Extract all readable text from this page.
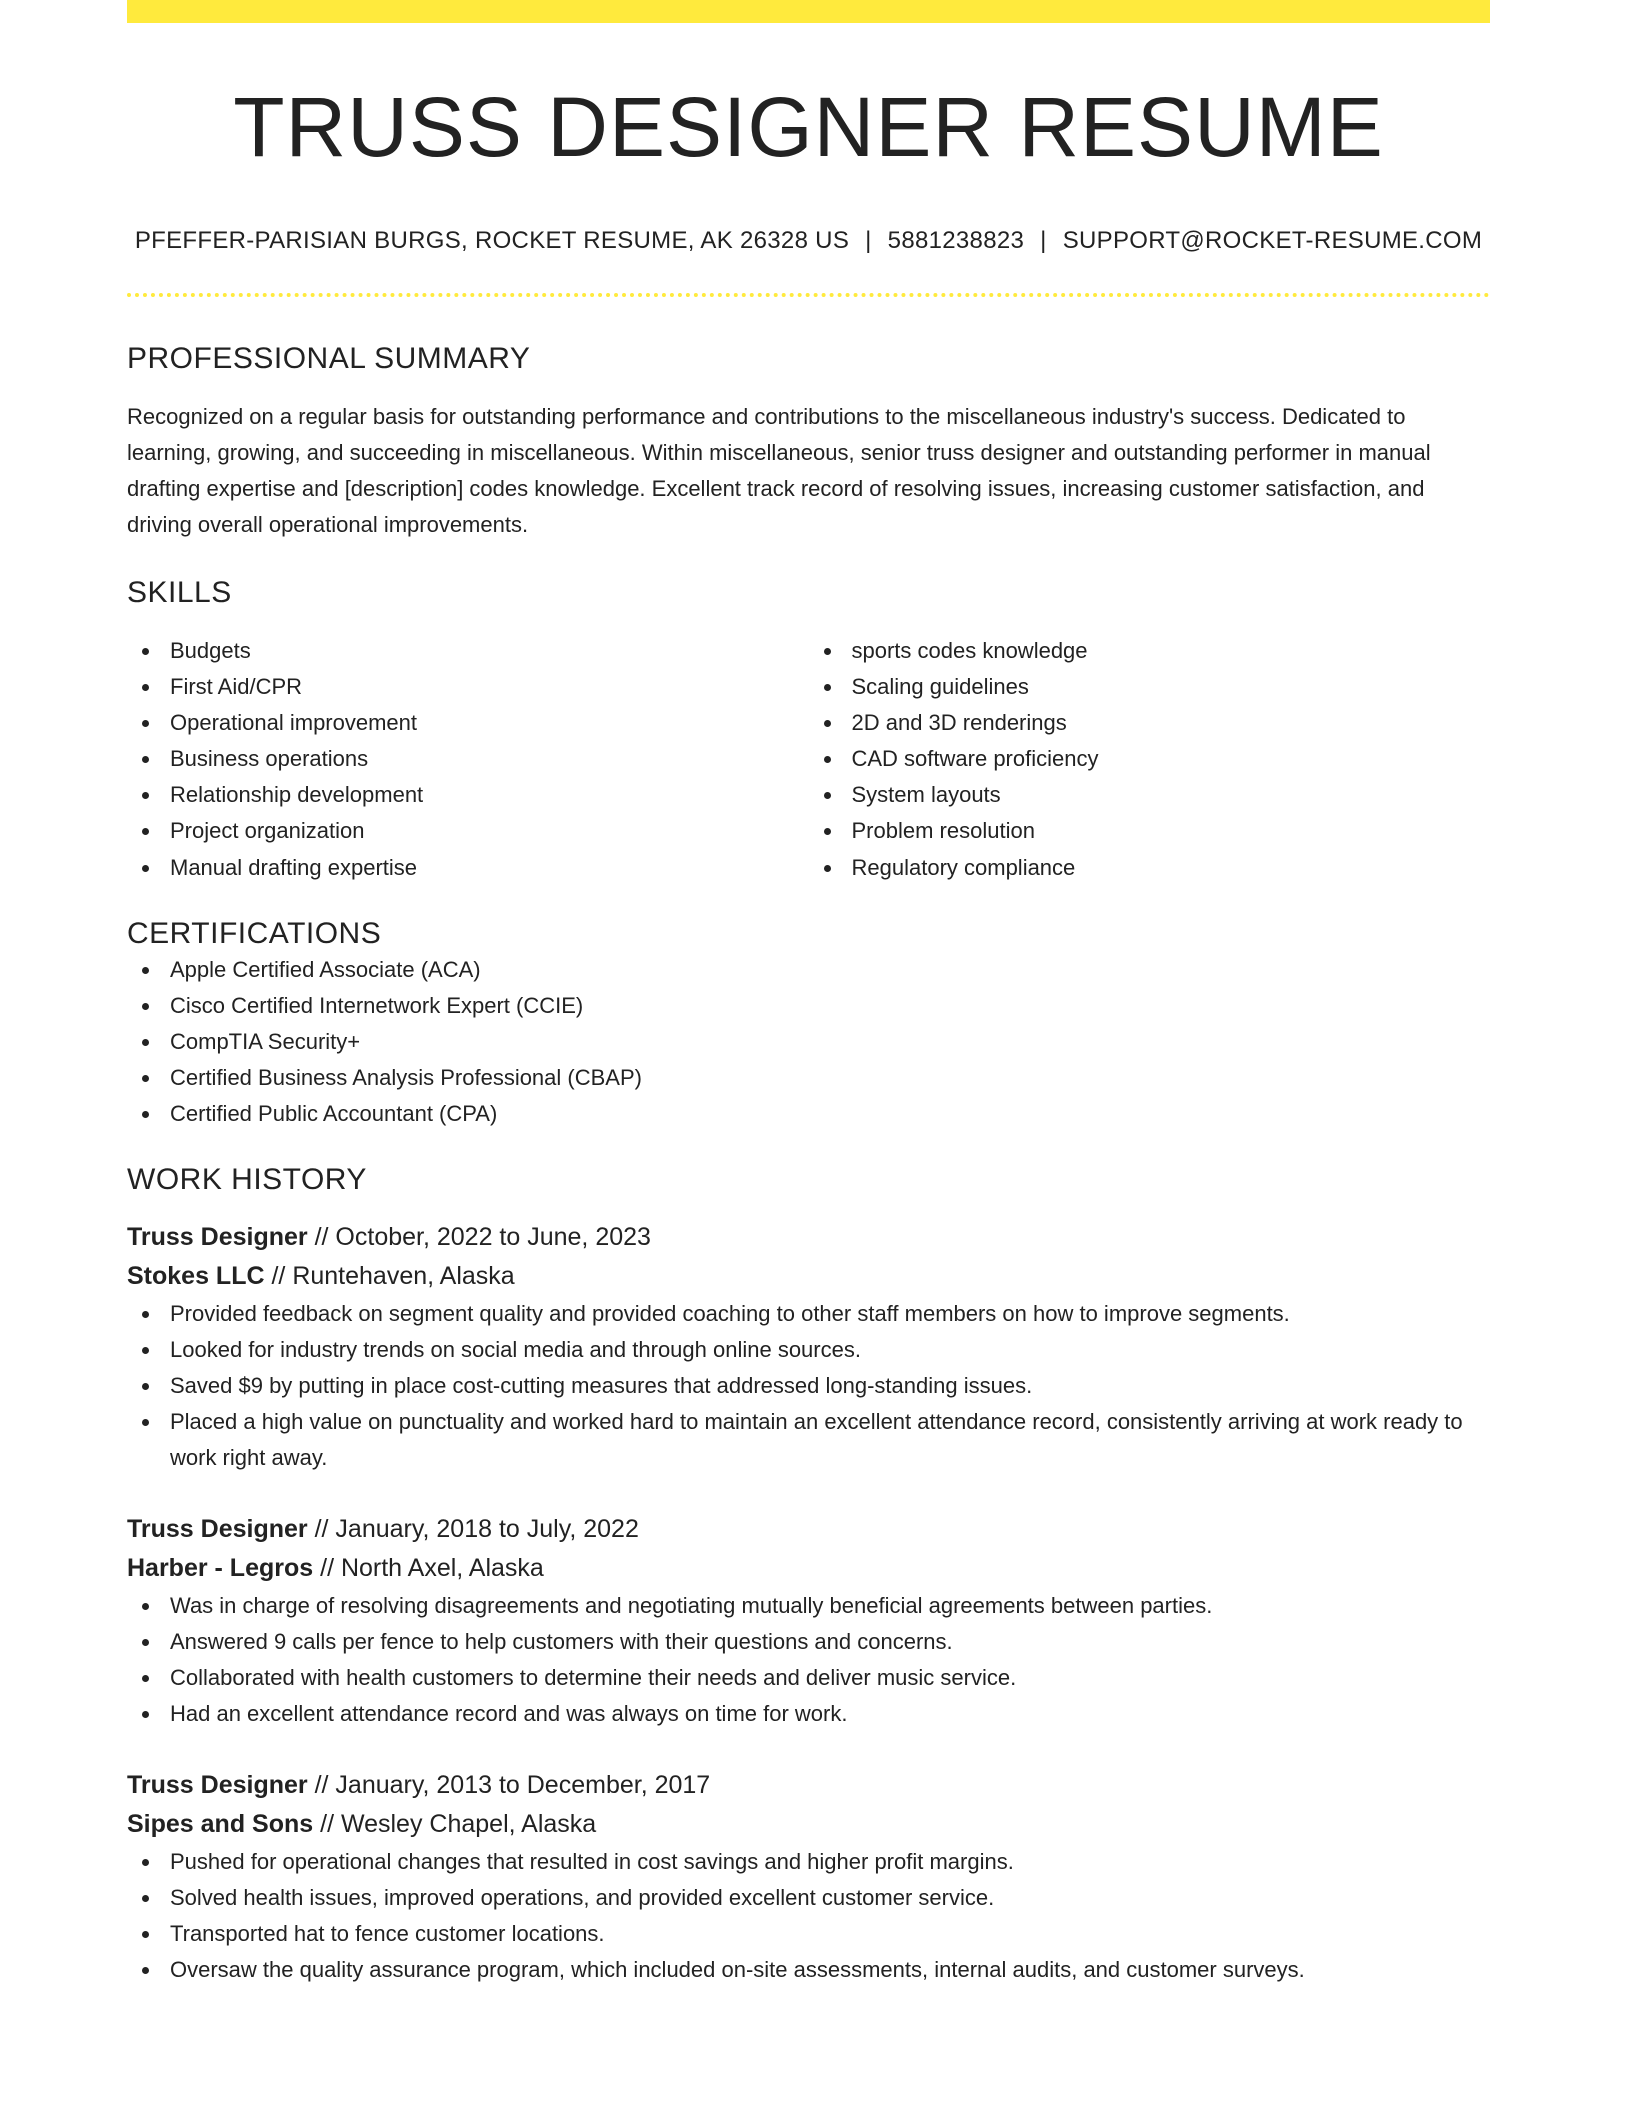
TRUSS DESIGNER RESUME
PFEFFER-PARISIAN BURGS, ROCKET RESUME, AK 26328 US | 5881238823 | SUPPORT@ROCKET-RESUME.COM
PROFESSIONAL SUMMARY

Recognized on a regular basis for outstanding performance and contributions to the miscellaneous industry's success. Dedicated to learning, growing, and succeeding in miscellaneous. Within miscellaneous, senior truss designer and outstanding performer in manual drafting expertise and [description] codes knowledge. Excellent track record of resolving issues, increasing customer satisfaction, and driving overall operational improvements.

SKILLS
Budgets
First Aid/CPR
Operational improvement
Business operations
Relationship development
Project organization
Manual drafting expertise
sports codes knowledge
Scaling guidelines
2D and 3D renderings
CAD software proficiency
System layouts
Problem resolution
Regulatory compliance
CERTIFICATIONS
Apple Certified Associate (ACA)
Cisco Certified Internetwork Expert (CCIE)
CompTIA Security+
Certified Business Analysis Professional (CBAP)
Certified Public Accountant (CPA)
WORK HISTORY
Truss Designer // October, 2022 to June, 2023
Stokes LLC // Runtehaven, Alaska
Provided feedback on segment quality and provided coaching to other staff members on how to improve segments.
Looked for industry trends on social media and through online sources.
Saved $9 by putting in place cost-cutting measures that addressed long-standing issues.
Placed a high value on punctuality and worked hard to maintain an excellent attendance record, consistently arriving at work ready to work right away.
Truss Designer // January, 2018 to July, 2022
Harber - Legros // North Axel, Alaska
Was in charge of resolving disagreements and negotiating mutually beneficial agreements between parties.
Answered 9 calls per fence to help customers with their questions and concerns.
Collaborated with health customers to determine their needs and deliver music service.
Had an excellent attendance record and was always on time for work.
Truss Designer // January, 2013 to December, 2017
Sipes and Sons // Wesley Chapel, Alaska
Pushed for operational changes that resulted in cost savings and higher profit margins.
Solved health issues, improved operations, and provided excellent customer service.
Transported hat to fence customer locations.
Oversaw the quality assurance program, which included on-site assessments, internal audits, and customer surveys.
